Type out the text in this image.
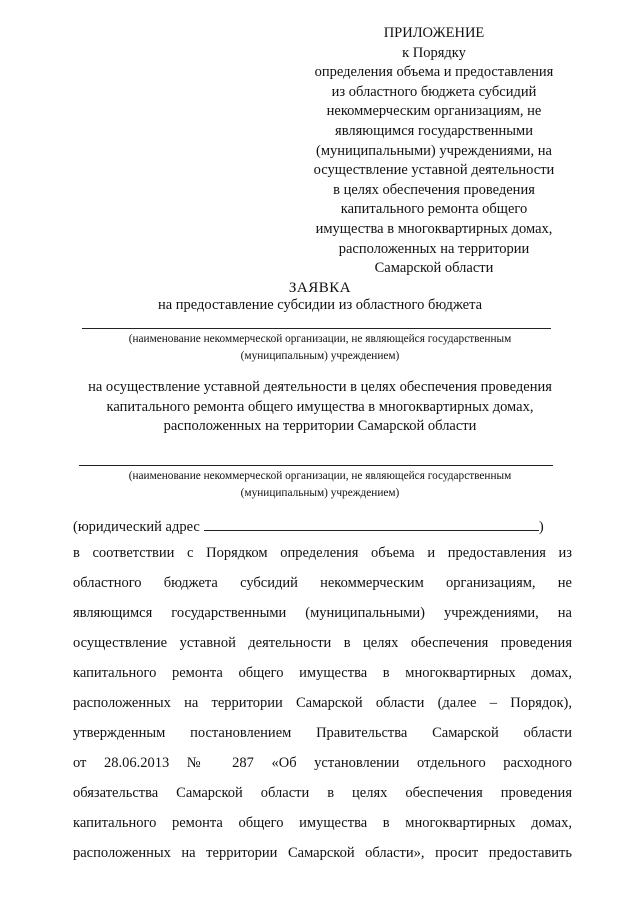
ПРИЛОЖЕНИЕ
к Порядку
определения объема и предоставления
из областного бюджета субсидий
некоммерческим организациям, не
являющимся государственными
(муниципальными) учреждениями, на
осуществление уставной деятельности
в целях обеспечения проведения
капитального ремонта общего
имущества в многоквартирных домах,
расположенных на территории
Самарской области
ЗАЯВКА
на предоставление субсидии из областного бюджета
(наименование некоммерческой организации, не являющейся государственным
(муниципальным) учреждением)
на осуществление уставной деятельности в целях обеспечения проведения
капитального ремонта общего имущества в многоквартирных домах,
расположенных на территории Самарской области
(наименование некоммерческой организации, не являющейся государственным
(муниципальным) учреждением)
(юридический адрес	)
в соответствии с Порядком определения объема и предоставления из
областного бюджета субсидий некоммерческим организациям, не
являющимся государственными (муниципальными) учреждениями, на
осуществление уставной деятельности в целях обеспечения проведения
капитального ремонта общего имущества в многоквартирных домах,
расположенных на территории Самарской области (далее – Порядок),
утвержденным постановлением Правительства Самарской области
от 28.06.2013 № 287 «Об установлении отдельного расходного
обязательства Самарской области в целях обеспечения проведения
капитального ремонта общего имущества в многоквартирных домах,
расположенных на территории Самарской области», просит предоставить
